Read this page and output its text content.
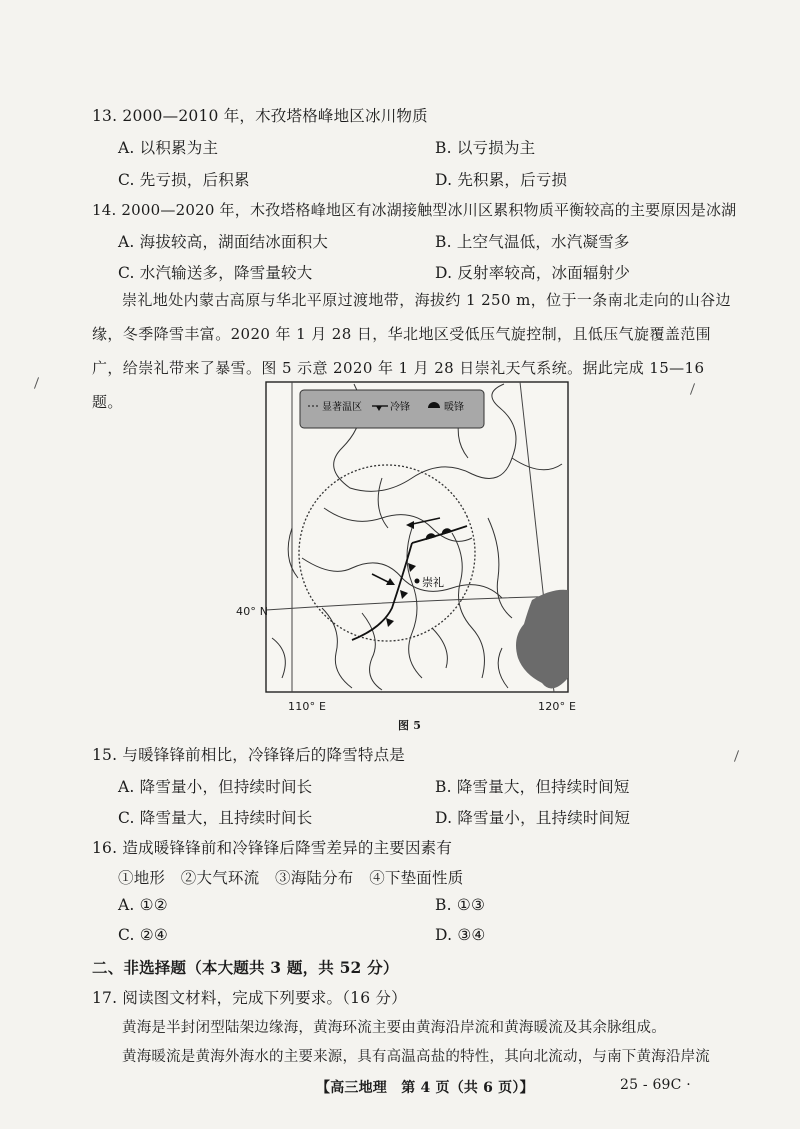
13. 2000—2010 年，木孜塔格峰地区冰川物质
A. 以积累为主	B. 以亏损为主
C. 先亏损，后积累	D. 先积累，后亏损
14. 2000—2020 年，木孜塔格峰地区有冰湖接触型冰川区累积物质平衡较高的主要原因是冰湖
A. 海拔较高，湖面结冰面积大	B. 上空气温低，水汽凝雪多
C. 水汽输送多，降雪量较大	D. 反射率较高，冰面辐射少
崇礼地处内蒙古高原与华北平原过渡地带，海拔约 1 250 m，位于一条南北走向的山谷边缘，冬季降雪丰富。2020 年 1 月 28 日，华北地区受低压气旋控制，且低压气旋覆盖范围广，给崇礼带来了暴雪。图 5 示意 2020 年 1 月 28 日崇礼天气系统。据此完成 15—16 题。
崇礼
显著温区	冷锋	暖锋
40° N
110° E	120° E
图 5
15. 与暖锋锋前相比，冷锋锋后的降雪特点是
A. 降雪量小，但持续时间长	B. 降雪量大，但持续时间短
C. 降雪量大，且持续时间长	D. 降雪量小，且持续时间短
16. 造成暖锋锋前和冷锋锋后降雪差异的主要因素有
①地形　②大气环流　③海陆分布　④下垫面性质
A. ①②	B. ①③
C. ②④	D. ③④
二、非选择题（本大题共 3 题，共 52 分）
17. 阅读图文材料，完成下列要求。（16 分）
黄海是半封闭型陆架边缘海，黄海环流主要由黄海沿岸流和黄海暖流及其余脉组成。
黄海暖流是黄海外海水的主要来源，具有高温高盐的特性，其向北流动，与南下黄海沿岸流
【高三地理　第 4 页（共 6 页）】	25 - 69C ·
